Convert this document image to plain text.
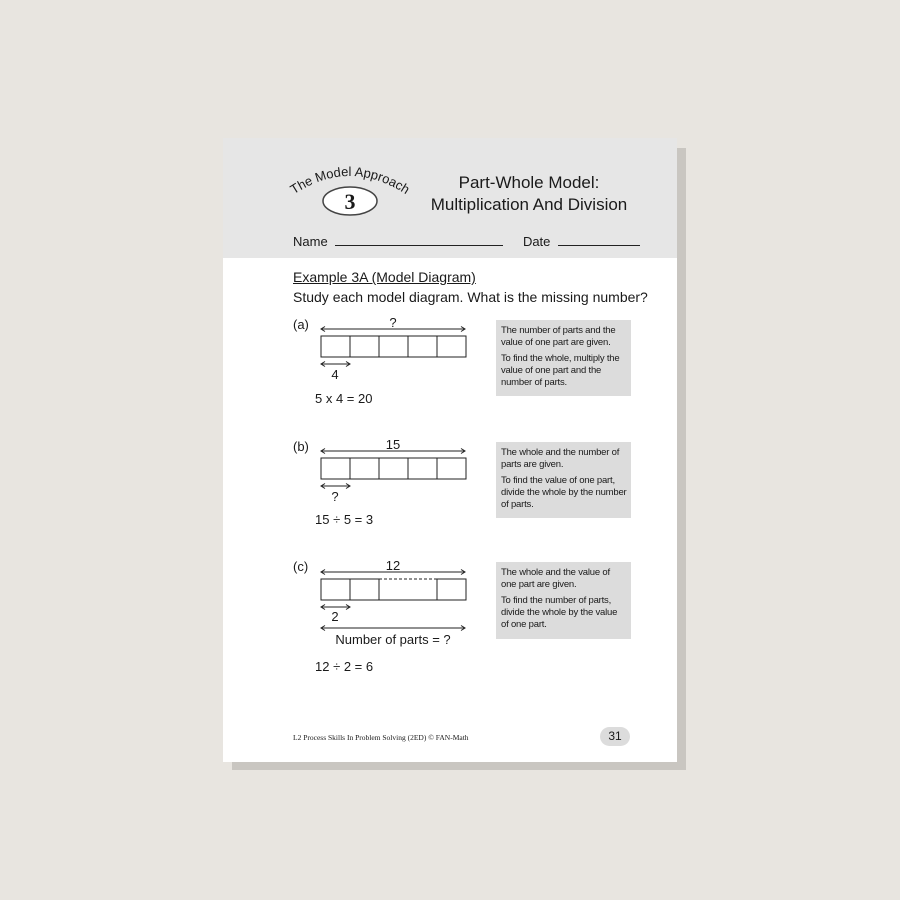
The Model Approach
3
Part-Whole Model:
Multiplication And Division
Name	Date
Example 3A (Model Diagram)
Study each model diagram. What is the missing number?
(a)	?
4
5 x 4 = 20

The number of parts and the value of one part are given.

To find the whole, multiply the value of one part and the number of parts.

(b)	15
?
15 ÷ 5 = 3

The whole and the number of parts are given.

To find the value of one part, divide the whole by the number of parts.

(c)	12
2
Number of parts = ?
12 ÷ 2 = 6

The whole and the value of one part are given.

To find the number of parts, divide the whole by the value of one part.

L2 Process Skills In Problem Solving (2ED) © FAN-Math	31
